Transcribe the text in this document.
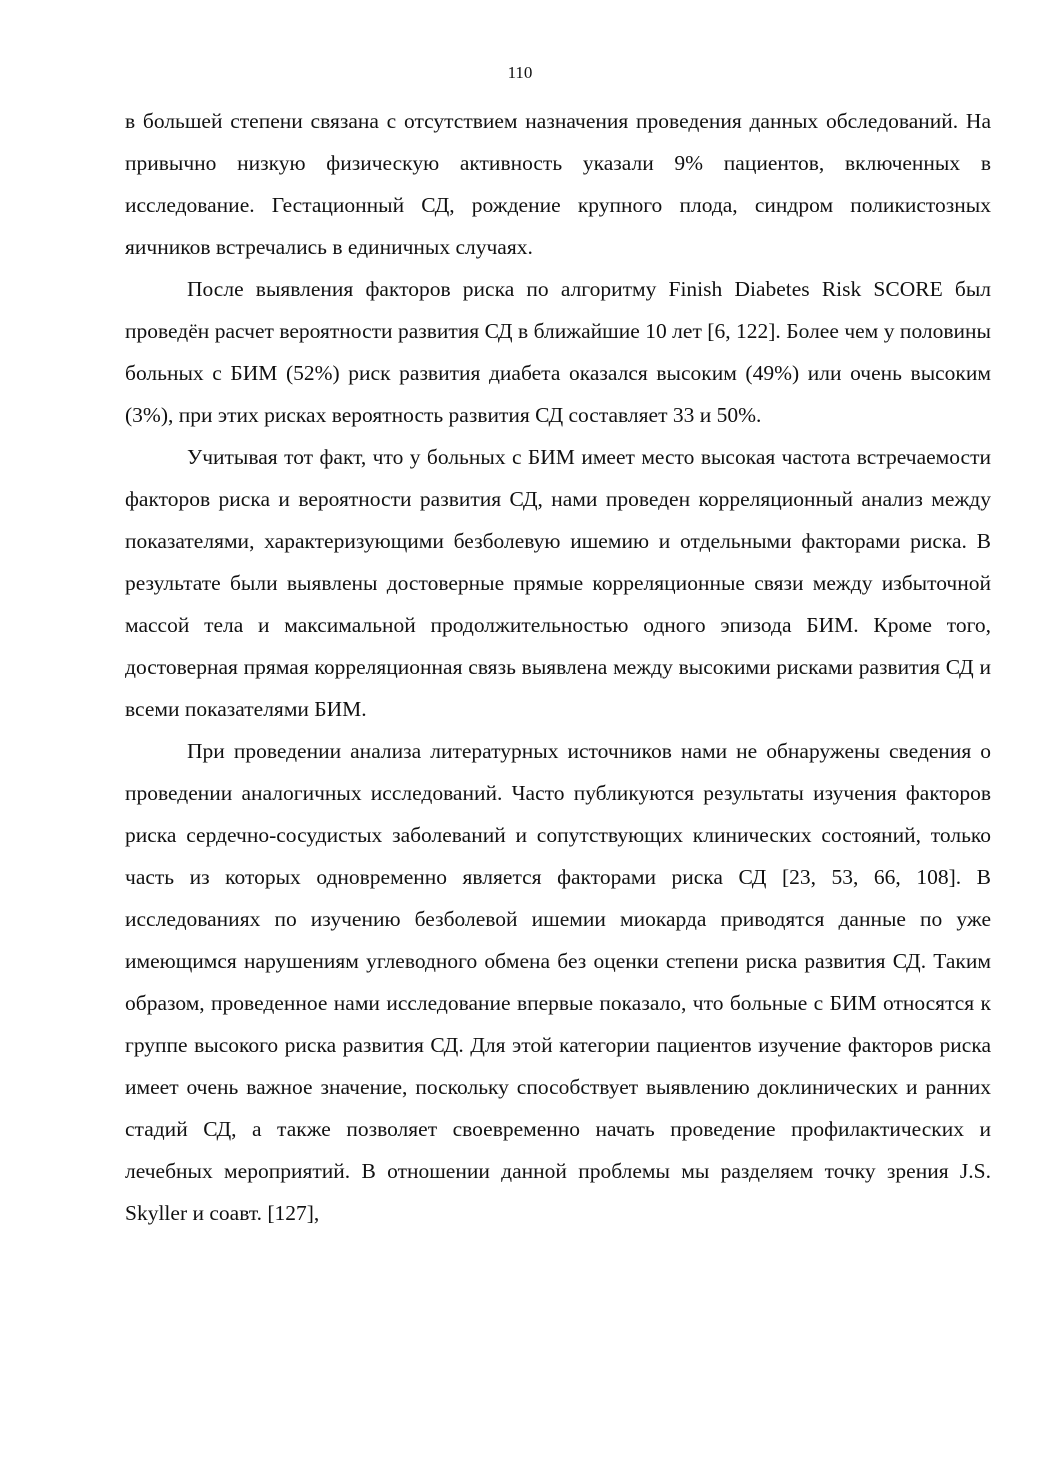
110

в большей степени связана с отсутствием назначения проведения данных обследований. На привычно низкую физическую активность указали 9% пациентов, включенных в исследование. Гестационный СД, рождение крупного плода, синдром поликистозных яичников встречались в единичных случаях.

После выявления факторов риска по алгоритму Finish Diabetes Risk SCORE был проведён расчет вероятности развития СД в ближайшие 10 лет [6, 122]. Более чем у половины больных с БИМ (52%) риск развития диабета оказался высоким (49%) или очень высоким (3%), при этих рисках вероятность развития СД составляет 33 и 50%.

Учитывая тот факт, что у больных с БИМ имеет место высокая частота встречаемости факторов риска и вероятности развития СД, нами проведен корреляционный анализ между показателями, характеризующими безболевую ишемию и отдельными факторами риска. В результате были выявлены достоверные прямые корреляционные связи между избыточной массой тела и максимальной продолжительностью одного эпизода БИМ. Кроме того, достоверная прямая корреляционная связь выявлена между высокими рисками развития СД и всеми показателями БИМ.

При проведении анализа литературных источников нами не обнаружены сведения о проведении аналогичных исследований. Часто публикуются результаты изучения факторов риска сердечно-сосудистых заболеваний и сопутствующих клинических состояний, только часть из которых одновременно является факторами риска СД [23, 53, 66, 108]. В исследованиях по изучению безболевой ишемии миокарда приводятся данные по уже имеющимся нарушениям углеводного обмена без оценки степени риска развития СД. Таким образом, проведенное нами исследование впервые показало, что больные с БИМ относятся к группе высокого риска развития СД. Для этой категории пациентов изучение факторов риска имеет очень важное значение, поскольку способствует выявлению доклинических и ранних стадий СД, а также позволяет своевременно начать проведение профилактических и лечебных мероприятий. В отношении данной проблемы мы разделяем точку зрения J.S. Skyller и соавт. [127],
